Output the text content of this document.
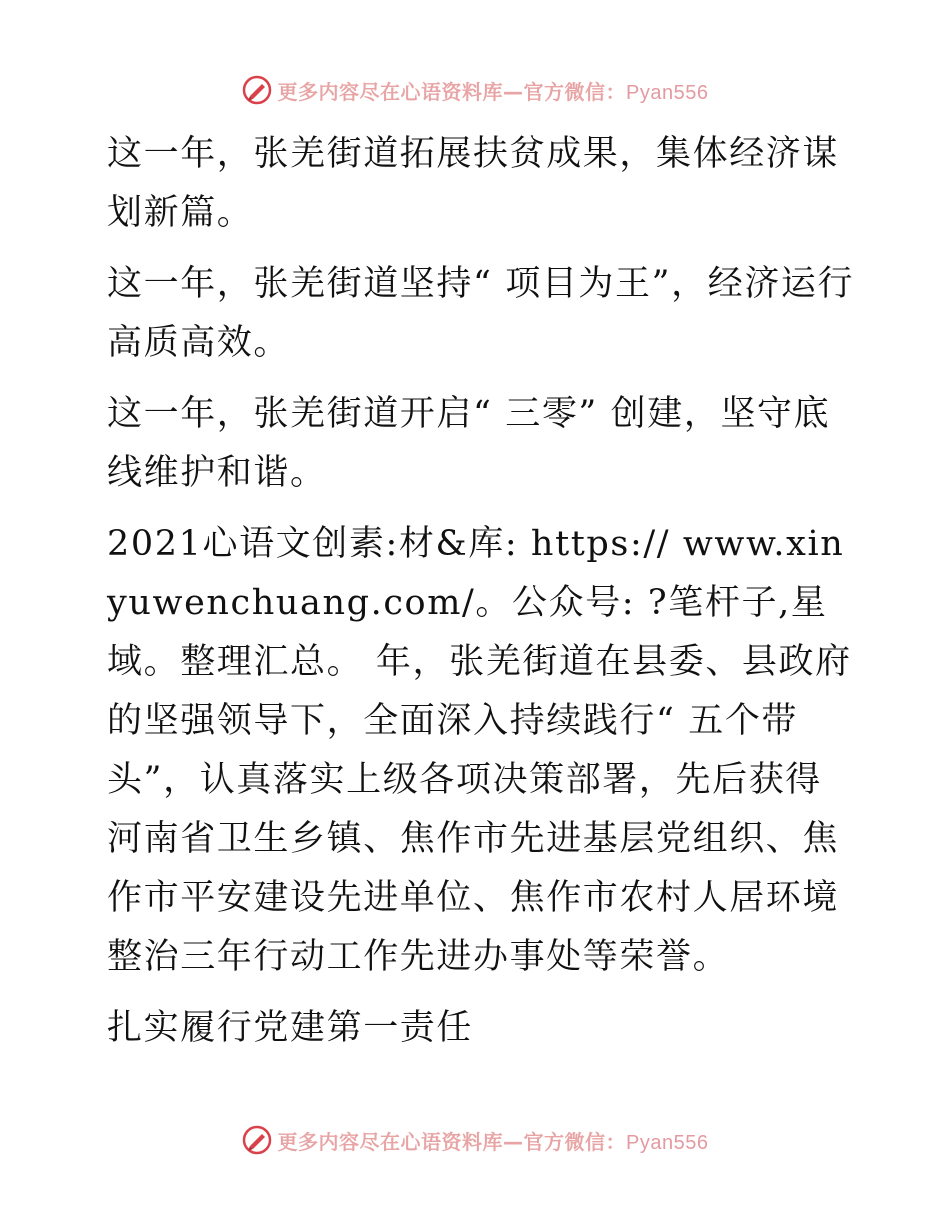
更多内容尽在心语资料库—官方微信：Pyan556

这一年，张羌街道拓展扶贫成果，集体经济谋划新篇。

这一年，张羌街道坚持“ 项目为王”，经济运行高质高效。

这一年，张羌街道开启“ 三零” 创建，坚守底线维护和谐。

2021心语文创素:材&库: https:// www.xinyuwenchuang.com/。公众号: ?笔杆子,星域。整理汇总。 年，张羌街道在县委、县政府的坚强领导下，全面深入持续践行“ 五个带头”，认真落实上级各项决策部署，先后获得河南省卫生乡镇、焦作市先进基层党组织、焦作市平安建设先进单位、焦作市农村人居环境整治三年行动工作先进办事处等荣誉。

扎实履行党建第一责任

更多内容尽在心语资料库—官方微信：Pyan556
